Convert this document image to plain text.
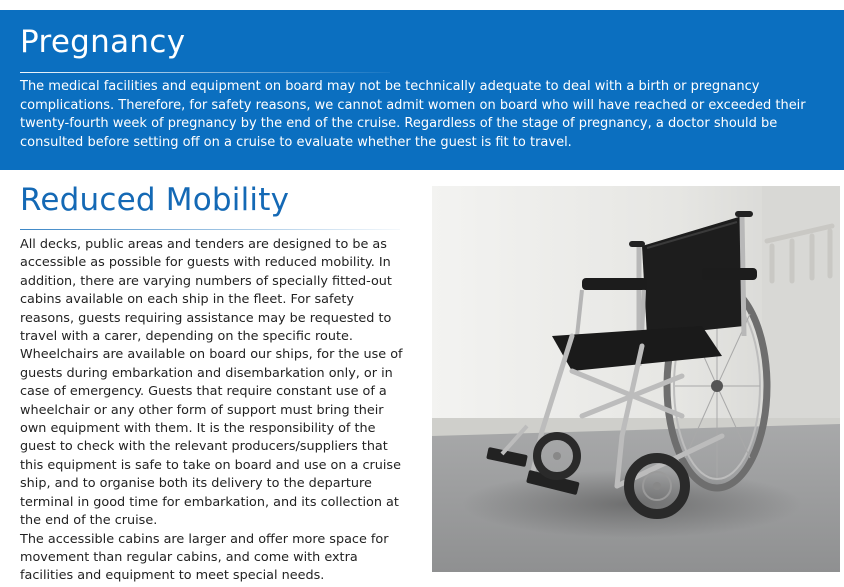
Pregnancy
The medical facilities and equipment on board may not be technically adequate to deal with a birth or pregnancy complications. Therefore, for safety reasons, we cannot admit women on board who will have reached or exceeded their twenty-fourth week of pregnancy by the end of the cruise. Regardless of the stage of pregnancy, a doctor should be consulted before setting off on a cruise to evaluate whether the guest is fit to travel.
Reduced Mobility

All decks, public areas and tenders are designed to be as accessible as possible for guests with reduced mobility. In addition, there are varying numbers of specially fitted-out cabins available on each ship in the fleet. For safety reasons, guests requiring assistance may be requested to travel with a carer, depending on the specific route.

Wheelchairs are available on board our ships, for the use of guests during embarkation and disembarkation only, or in case of emergency. Guests that require constant use of a wheelchair or any other form of support must bring their own equipment with them. It is the responsibility of the guest to check with the relevant producers/suppliers that this equipment is safe to take on board and use on a cruise ship, and to organise both its delivery to the departure terminal in good time for embarkation, and its collection at the end of the cruise.

The accessible cabins are larger and offer more space for movement than regular cabins, and come with extra facilities and equipment to meet special needs.
